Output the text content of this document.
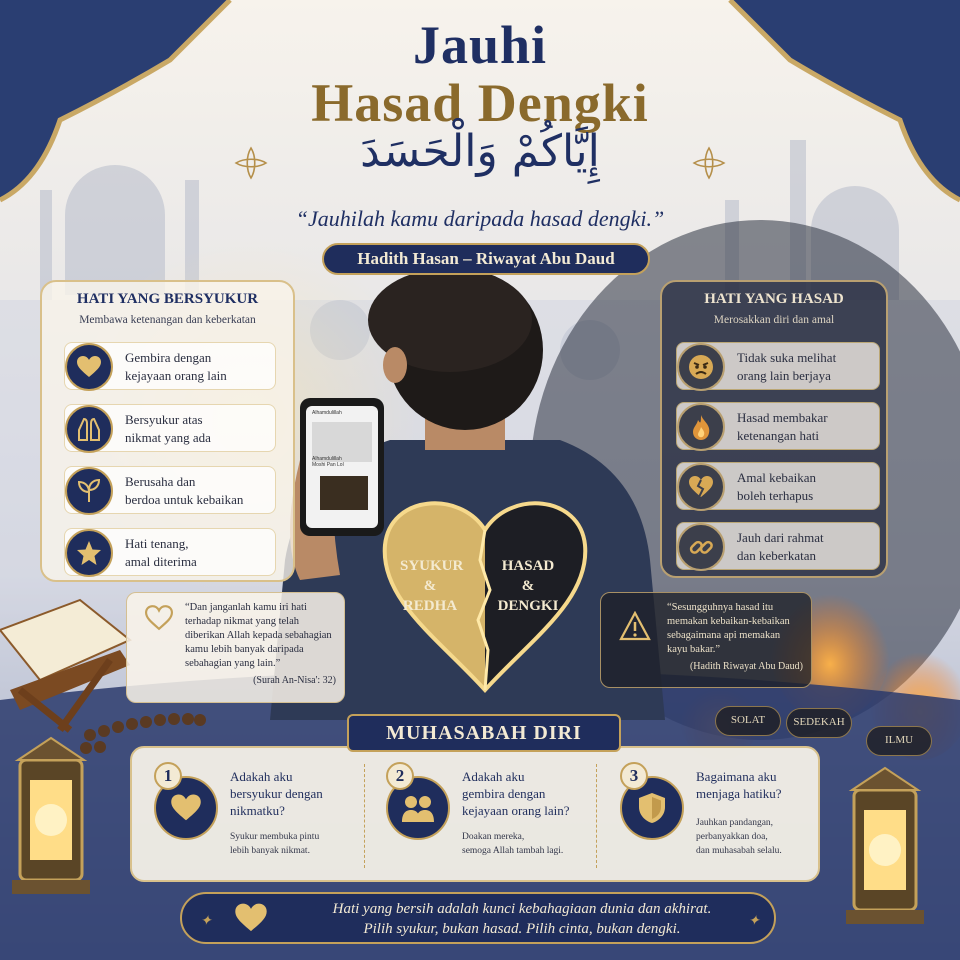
SYUKUR
&
REDHA
HASAD
&
DENGKI
Alhamdulillah
Alhamdulillah
Moshi Pan Lol
Jauhi
Hasad Dengki
إِيَّاكُمْ وَالْحَسَدَ
“Jauhilah kamu daripada hasad dengki.”
Hadith Hasan – Riwayat Abu Daud
HATI YANG BERSYUKUR
Membawa ketenangan dan keberkatan
Gembira dengan
kejayaan orang lain
Bersyukur atas
nikmat yang ada
Berusaha dan
berdoa untuk kebaikan
Hati tenang,
amal diterima
HATI YANG HASAD
Merosakkan diri dan amal
Tidak suka melihat
orang lain berjaya
Hasad membakar
ketenangan hati
Amal kebaikan
boleh terhapus
Jauh dari rahmat
dan keberkatan
“Dan janganlah kamu iri hati terhadap nikmat yang telah diberikan Allah kepada sebahagian kamu lebih banyak daripada sebahagian yang lain.”
(Surah An-Nisa': 32)
“Sesungguhnya hasad itu memakan kebaikan-kebaikan sebagaimana api memakan kayu bakar.”
(Hadith Riwayat Abu Daud)
SOLAT	SEDEKAH
ILMU
1	Adakah aku
bersyukur dengan
nikmatku?
Syukur membuka pintu
lebih banyak nikmat.
2	Adakah aku
gembira dengan
kejayaan orang lain?
Doakan mereka,
semoga Allah tambah lagi.
3	Bagaimana aku
menjaga hatiku?
Jauhkan pandangan,
perbanyakkan doa,
dan muhasabah selalu.
MUHASABAH DIRI
✦
Hati yang bersih adalah kunci kebahagiaan dunia dan akhirat.
Pilih syukur, bukan hasad. Pilih cinta, bukan dengki.	✦
